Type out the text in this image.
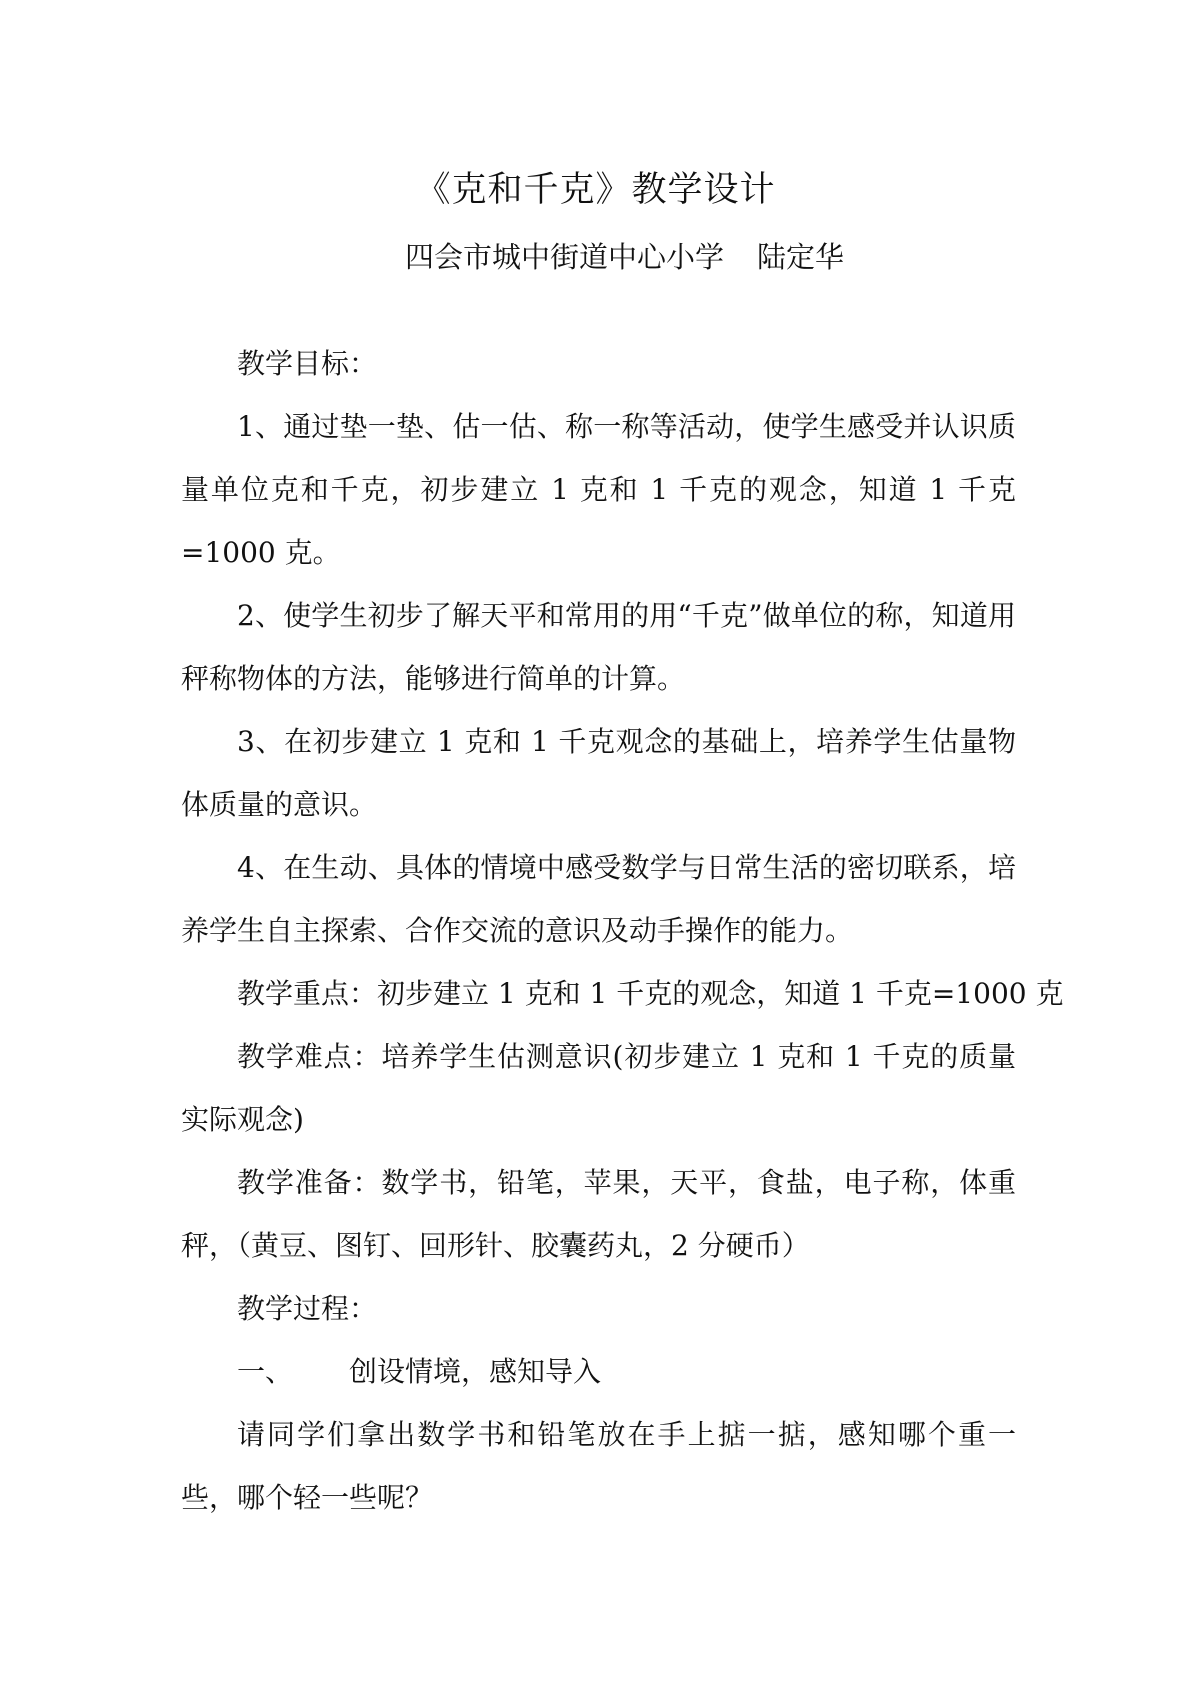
《克和千克》教学设计
四会市城中街道中心小学 陆定华

教学目标：

1、通过垫一垫、估一估、称一称等活动，使学生感受并认识质量单位克和千克，初步建立 1 克和 1 千克的观念，知道 1 千克=1000 克。

2、使学生初步了解天平和常用的用“千克”做单位的称，知道用秤称物体的方法，能够进行简单的计算。

3、在初步建立 1 克和 1 千克观念的基础上，培养学生估量物体质量的意识。

4、在生动、具体的情境中感受数学与日常生活的密切联系，培养学生自主探索、合作交流的意识及动手操作的能力。

教学重点：初步建立 1 克和 1 千克的观念，知道 1 千克=1000 克

教学难点：培养学生估测意识(初步建立 1 克和 1 千克的质量实际观念)

教学准备：数学书，铅笔，苹果，天平，食盐，电子称，体重秤，（黄豆、图钉、回形针、胶囊药丸，2 分硬币）

教学过程：

一、 创设情境，感知导入

请同学们拿出数学书和铅笔放在手上掂一掂，感知哪个重一些，哪个轻一些呢？
